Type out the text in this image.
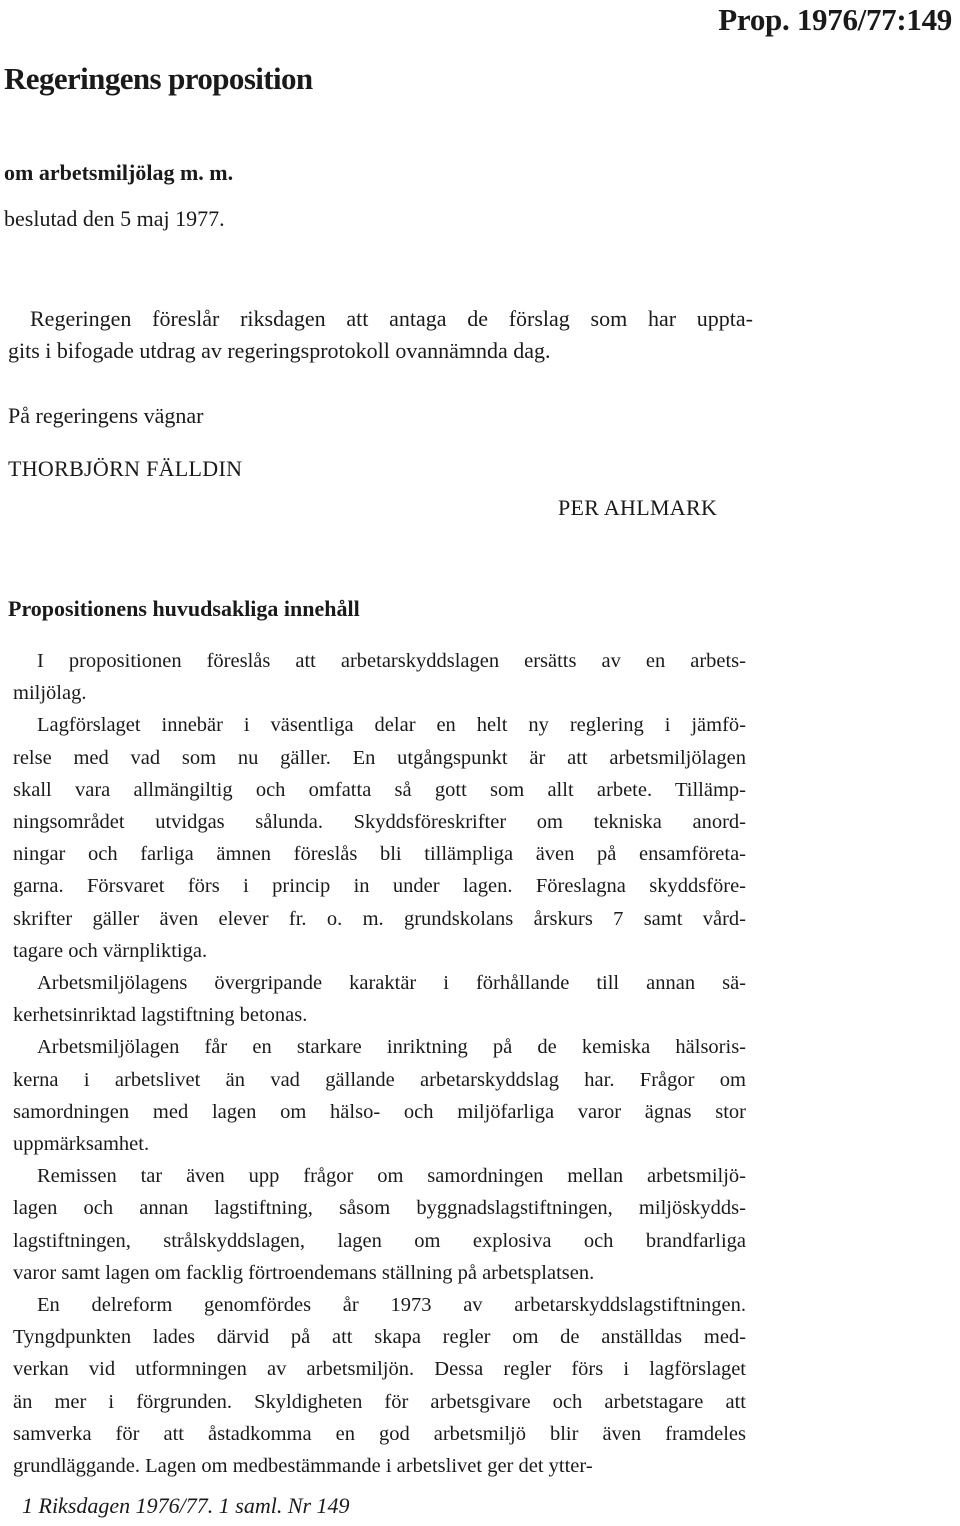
Prop. 1976/77:149
Regeringens proposition
om arbetsmiljölag m. m.
beslutad den 5 maj 1977.
Regeringen föreslår riksdagen att antaga de förslag som har uppta-
gits i bifogade utdrag av regeringsprotokoll ovannämnda dag.
På regeringens vägnar
THORBJÖRN FÄLLDIN
PER AHLMARK
Propositionens huvudsakliga innehåll
I propositionen föreslås att arbetarskyddslagen ersätts av en arbets-
miljölag.
Lagförslaget innebär i väsentliga delar en helt ny reglering i jämfö-
relse med vad som nu gäller. En utgångspunkt är att arbetsmiljölagen
skall vara allmängiltig och omfatta så gott som allt arbete. Tillämp-
ningsområdet utvidgas sålunda. Skyddsföreskrifter om tekniska anord-
ningar och farliga ämnen föreslås bli tillämpliga även på ensamföreta-
garna. Försvaret förs i princip in under lagen. Föreslagna skyddsföre-
skrifter gäller även elever fr. o. m. grundskolans årskurs 7 samt vård-
tagare och värnpliktiga.
Arbetsmiljölagens övergripande karaktär i förhållande till annan sä-
kerhetsinriktad lagstiftning betonas.
Arbetsmiljölagen får en starkare inriktning på de kemiska hälsoris-
kerna i arbetslivet än vad gällande arbetarskyddslag har. Frågor om
samordningen med lagen om hälso- och miljöfarliga varor ägnas stor
uppmärksamhet.
Remissen tar även upp frågor om samordningen mellan arbetsmiljö-
lagen och annan lagstiftning, såsom byggnadslagstiftningen, miljöskydds-
lagstiftningen, strålskyddslagen, lagen om explosiva och brandfarliga
varor samt lagen om facklig förtroendemans ställning på arbetsplatsen.
En delreform genomfördes år 1973 av arbetarskyddslagstiftningen.
Tyngdpunkten lades därvid på att skapa regler om de anställdas med-
verkan vid utformningen av arbetsmiljön. Dessa regler förs i lagförslaget
än mer i förgrunden. Skyldigheten för arbetsgivare och arbetstagare att
samverka för att åstadkomma en god arbetsmiljö blir även framdeles
grundläggande. Lagen om medbestämmande i arbetslivet ger det ytter-
1 Riksdagen 1976/77. 1 saml. Nr 149
